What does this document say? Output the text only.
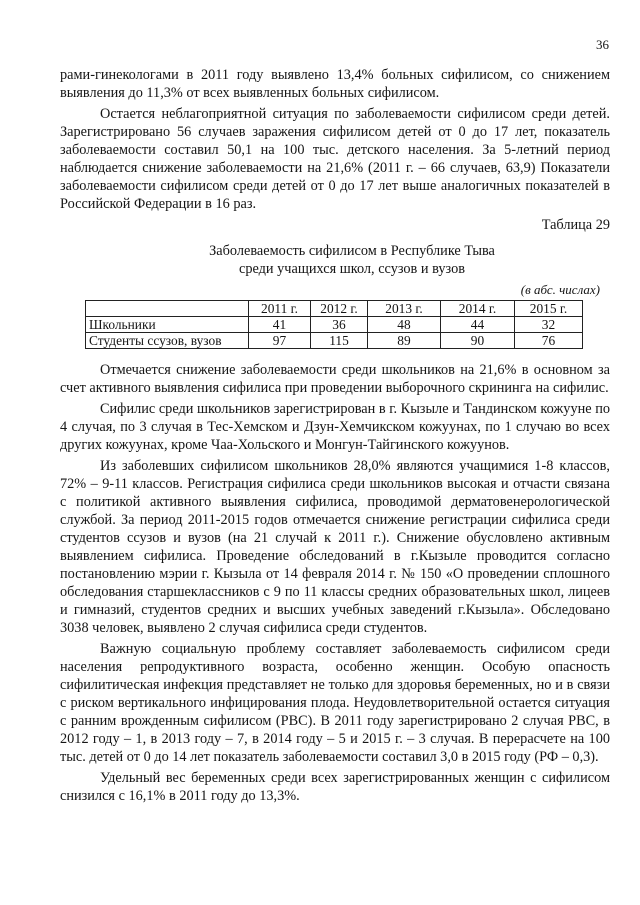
36

рами-гинекологами в 2011 году выявлено 13,4% больных сифилисом, со снижением выявления до 11,3% от всех выявленных больных сифилисом.

Остается неблагоприятной ситуация по заболеваемости сифилисом среди детей. Зарегистрировано 56 случаев заражения сифилисом детей от 0 до 17 лет, показатель заболеваемости составил 50,1 на 100 тыс. детского населения. За 5-летний период наблюдается снижение заболеваемости на 21,6% (2011 г. – 66 случаев, 63,9) Показатели заболеваемости сифилисом среди детей от 0 до 17 лет выше аналогичных показателей в Российской Федерации в 16 раз.

Таблица 29

Заболеваемость сифилисом в Республике Тыва
среди учащихся школ, ссузов и вузов

(в абс. числах)

	2011 г.	2012 г.	2013 г.	2014 г.	2015 г.
Школьники	41	36	48	44	32
Студенты ссузов, вузов	97	115	89	90	76

Отмечается снижение заболеваемости среди школьников на 21,6% в основном за счет активного выявления сифилиса при проведении выборочного скрининга на сифилис.

Сифилис среди школьников зарегистрирован в г. Кызыле и Тандинском кожууне по 4 случая, по 3 случая в Тес-Хемском и Дзун-Хемчикском кожуунах, по 1 случаю во всех других кожуунах, кроме Чаа-Хольского и Монгун-Тайгинского кожуунов.

Из заболевших сифилисом школьников 28,0% являются учащимися 1-8 классов, 72% – 9-11 классов. Регистрация сифилиса среди школьников высокая и отчасти связана с политикой активного выявления сифилиса, проводимой дерматовенерологической службой. За период 2011-2015 годов отмечается снижение регистрации сифилиса среди студентов ссузов и вузов (на 21 случай к 2011 г.). Снижение обусловлено активным выявлением сифилиса. Проведение обследований в г.Кызыле проводится согласно постановлению мэрии г. Кызыла от 14 февраля 2014 г. № 150 «О проведении сплошного обследования старшеклассников с 9 по 11 классы средних образовательных школ, лицеев и гимназий, студентов средних и высших учебных заведений г.Кызыла». Обследовано 3038 человек, выявлено 2 случая сифилиса среди студентов.

Важную социальную проблему составляет заболеваемость сифилисом среди населения репродуктивного возраста, особенно женщин. Особую опасность сифилитическая инфекция представляет не только для здоровья беременных, но и в связи с риском вертикального инфицирования плода. Неудовлетворительной остается ситуация с ранним врожденным сифилисом (РВС). В 2011 году зарегистрировано 2 случая РВС, в 2012 году – 1, в 2013 году – 7, в 2014 году – 5 и 2015 г. – 3 случая. В перерасчете на 100 тыс. детей от 0 до 14 лет показатель заболеваемости составил 3,0 в 2015 году (РФ – 0,3).

Удельный вес беременных среди всех зарегистрированных женщин с сифилисом снизился с 16,1% в 2011 году до 13,3%.
